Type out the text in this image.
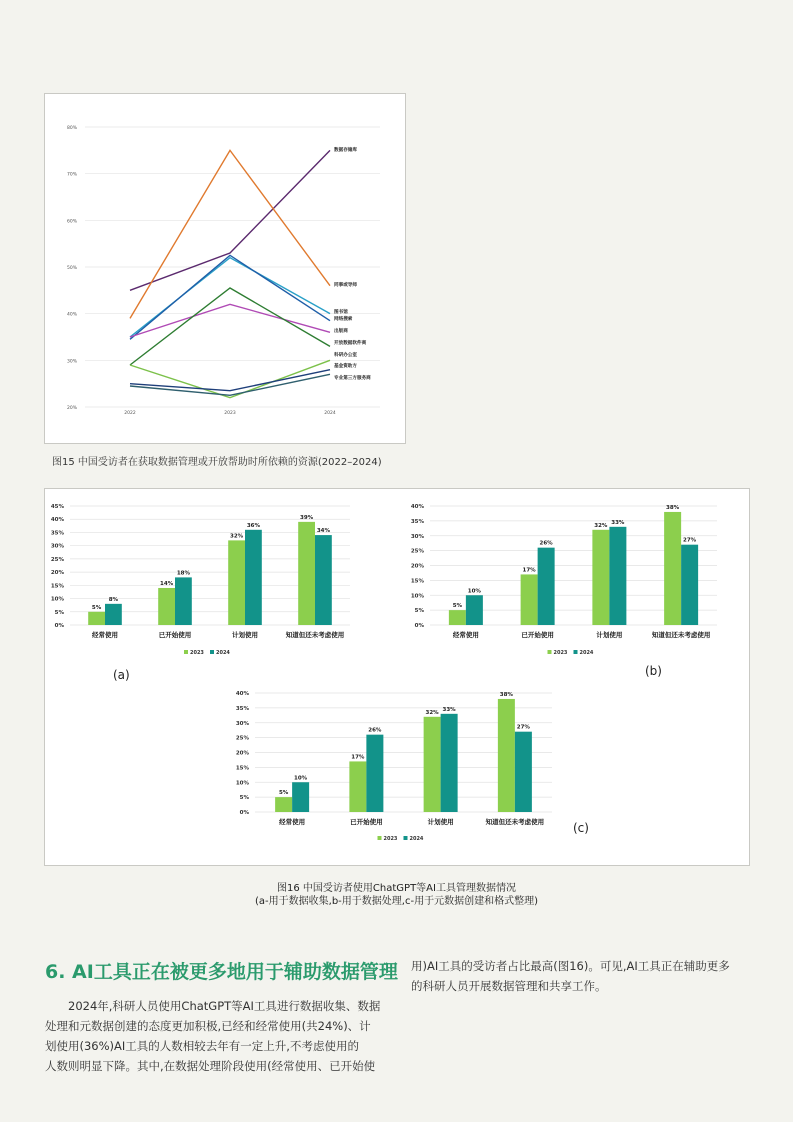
20%
30%
40%
50%
60%
70%
80%
2022	2023	2024
数据存储库
同事或导师
图书馆
网络搜索
出版商
开放数据软件商
科研办公室
基金资助方
专业第三方服务商
图15 中国受访者在获取数据管理或开放帮助时所依赖的资源(2022–2024)
0%
5%
10%
15%
20%
25%
30%
35%
40%
45%
5%
8%
经常使用
14%
18%
已开始使用
32%
36%
计划使用
39%
34%
知道但还未考虑使用
2023 2024
(a)
0%
5%
10%
15%
20%
25%
30%
35%
40%
5%
10%
经常使用
17%
26%
已开始使用
32% 33%
计划使用
38%
27%
知道但还未考虑使用
2023 2024
(b)
0%
5%
10%
15%
20%
25%
30%
35%
40%
5%
10%
经常使用
17%
26%
已开始使用
32% 33%
计划使用
38%
27%
知道但还未考虑使用
2023 2024
(c)
图16 中国受访者使用ChatGPT等AI工具管理数据情况
(a-用于数据收集,b-用于数据处理,c-用于元数据创建和格式整理)
6. AI工具正在被更多地用于辅助数据管理

2024年,科研人员使用ChatGPT等AI工具进行数据收集、数据

处理和元数据创建的态度更加积极,已经和经常使用(共24%)、计

划使用(36%)AI工具的人数相较去年有一定上升,不考虑使用的

人数则明显下降。其中,在数据处理阶段使用(经常使用、已开始使

用)AI工具的受访者占比最高(图16)。可见,AI工具正在辅助更多

的科研人员开展数据管理和共享工作。
